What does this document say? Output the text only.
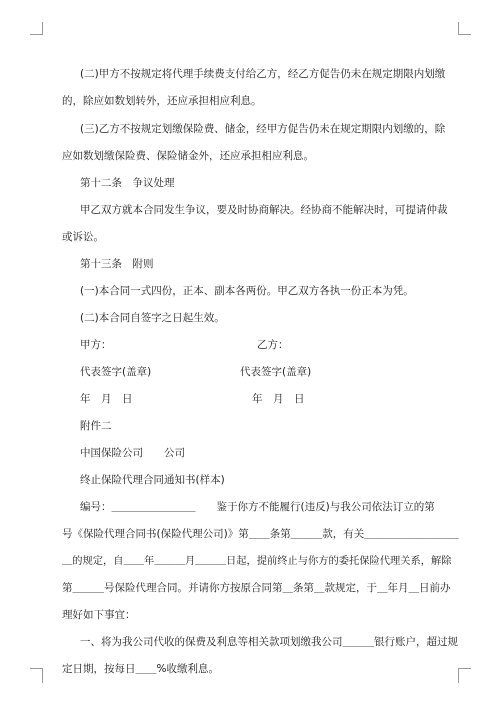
(二)甲方不按规定将代理手续费支付给乙方，经乙方促告仍未在规定期限内划缴
的，除应如数划转外，还应承担相应利息。
(三)乙方不按规定划缴保险费、储金，经甲方促告仍未在规定期限内划缴的，除
应如数划缴保险费、保险储金外，还应承担相应利息。
第十二条　争议处理
甲乙双方就本合同发生争议，要及时协商解决。经协商不能解决时，可提请仲裁
或诉讼。
第十三条　附则
(一)本合同一式四份，正本、副本各两份。甲乙双方各执一份正本为凭。
(二)本合同自签字之日起生效。
甲方：	乙方：
代表签字(盖章)	代表签字(盖章)
年　月　日	年　月　日
附件二
中国保险公司　　公司
终止保险代理合同通知书(样本)
编号：＿＿＿＿＿＿＿＿　　鉴于你方不能履行(违反)与我公司依法订立的第
号《保险代理合同书(保险代理公司)》第＿＿条第＿＿＿款，有关＿＿＿＿＿＿＿＿＿
＿的规定，自＿＿年＿＿＿月＿＿＿日起，提前终止与你方的委托保险代理关系，解除
第＿＿＿号保险代理合同。并请你方按原合同第＿条第＿款规定，于＿年月＿日前办
理好如下事宜：
一、将为我公司代收的保费及利息等相关款项划缴我公司＿＿＿银行账户，超过规
定日期，按每日＿＿%收缴利息。
